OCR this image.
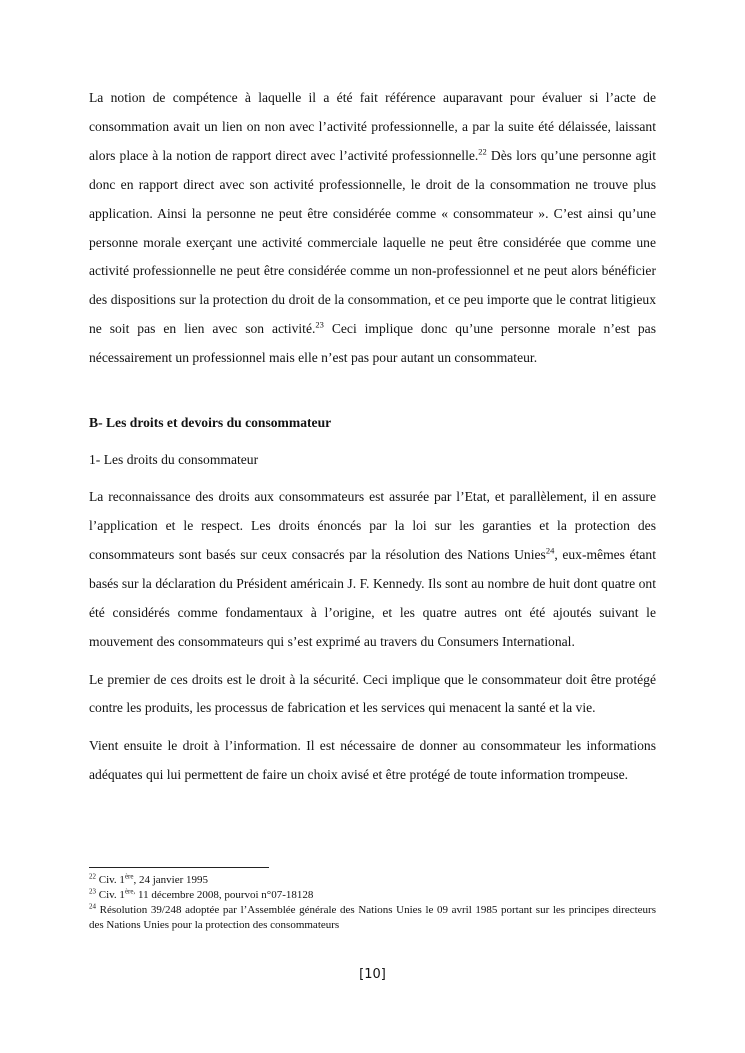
La notion de compétence à laquelle il a été fait référence auparavant pour évaluer si l’acte de consommation avait un lien on non avec l’activité professionnelle, a par la suite été délaissée, laissant alors place à la notion de rapport direct avec l’activité professionnelle.$^{22}$ Dès lors qu’une personne agit donc en rapport direct avec son activité professionnelle, le droit de la consommation ne trouve plus application. Ainsi la personne ne peut être considérée comme « consommateur ». C’est ainsi qu’une personne morale exerçant une activité commerciale laquelle ne peut être considérée que comme une activité professionnelle ne peut être considérée comme un non-professionnel et ne peut alors bénéficier des dispositions sur la protection du droit de la consommation, et ce peu importe que le contrat litigieux ne soit pas en lien avec son activité.$^{23}$ Ceci implique donc qu’une personne morale n’est pas nécessairement un professionnel mais elle n’est pas pour autant un consommateur.

B- Les droits et devoirs du consommateur

1- Les droits du consommateur

La reconnaissance des droits aux consommateurs est assurée par l’Etat, et parallèlement, il en assure l’application et le respect. Les droits énoncés par la loi sur les garanties et la protection des consommateurs sont basés sur ceux consacrés par la résolution des Nations Unies$^{24}$, eux-mêmes étant basés sur la déclaration du Président américain J. F. Kennedy. Ils sont au nombre de huit dont quatre ont été considérés comme fondamentaux à l’origine, et les quatre autres ont été ajoutés suivant le mouvement des consommateurs qui s’est exprimé au travers du Consumers International.

Le premier de ces droits est le droit à la sécurité. Ceci implique que le consommateur doit être protégé contre les produits, les processus de fabrication et les services qui menacent la santé et la vie.

Vient ensuite le droit à l’information. Il est nécessaire de donner au consommateur les informations adéquates qui lui permettent de faire un choix avisé et être protégé de toute information trompeuse.

$^{22}$ Civ. 1ère, 24 janvier 1995

$^{23}$ Civ. $1^{ère,}$ 11 décembre 2008, pourvoi n°07-18128

$^{24}$ Résolution 39/248 adoptée par l’Assemblée générale des Nations Unies le 09 avril 1985 portant sur les principes directeurs des Nations Unies pour la protection des consommateurs

[10]
